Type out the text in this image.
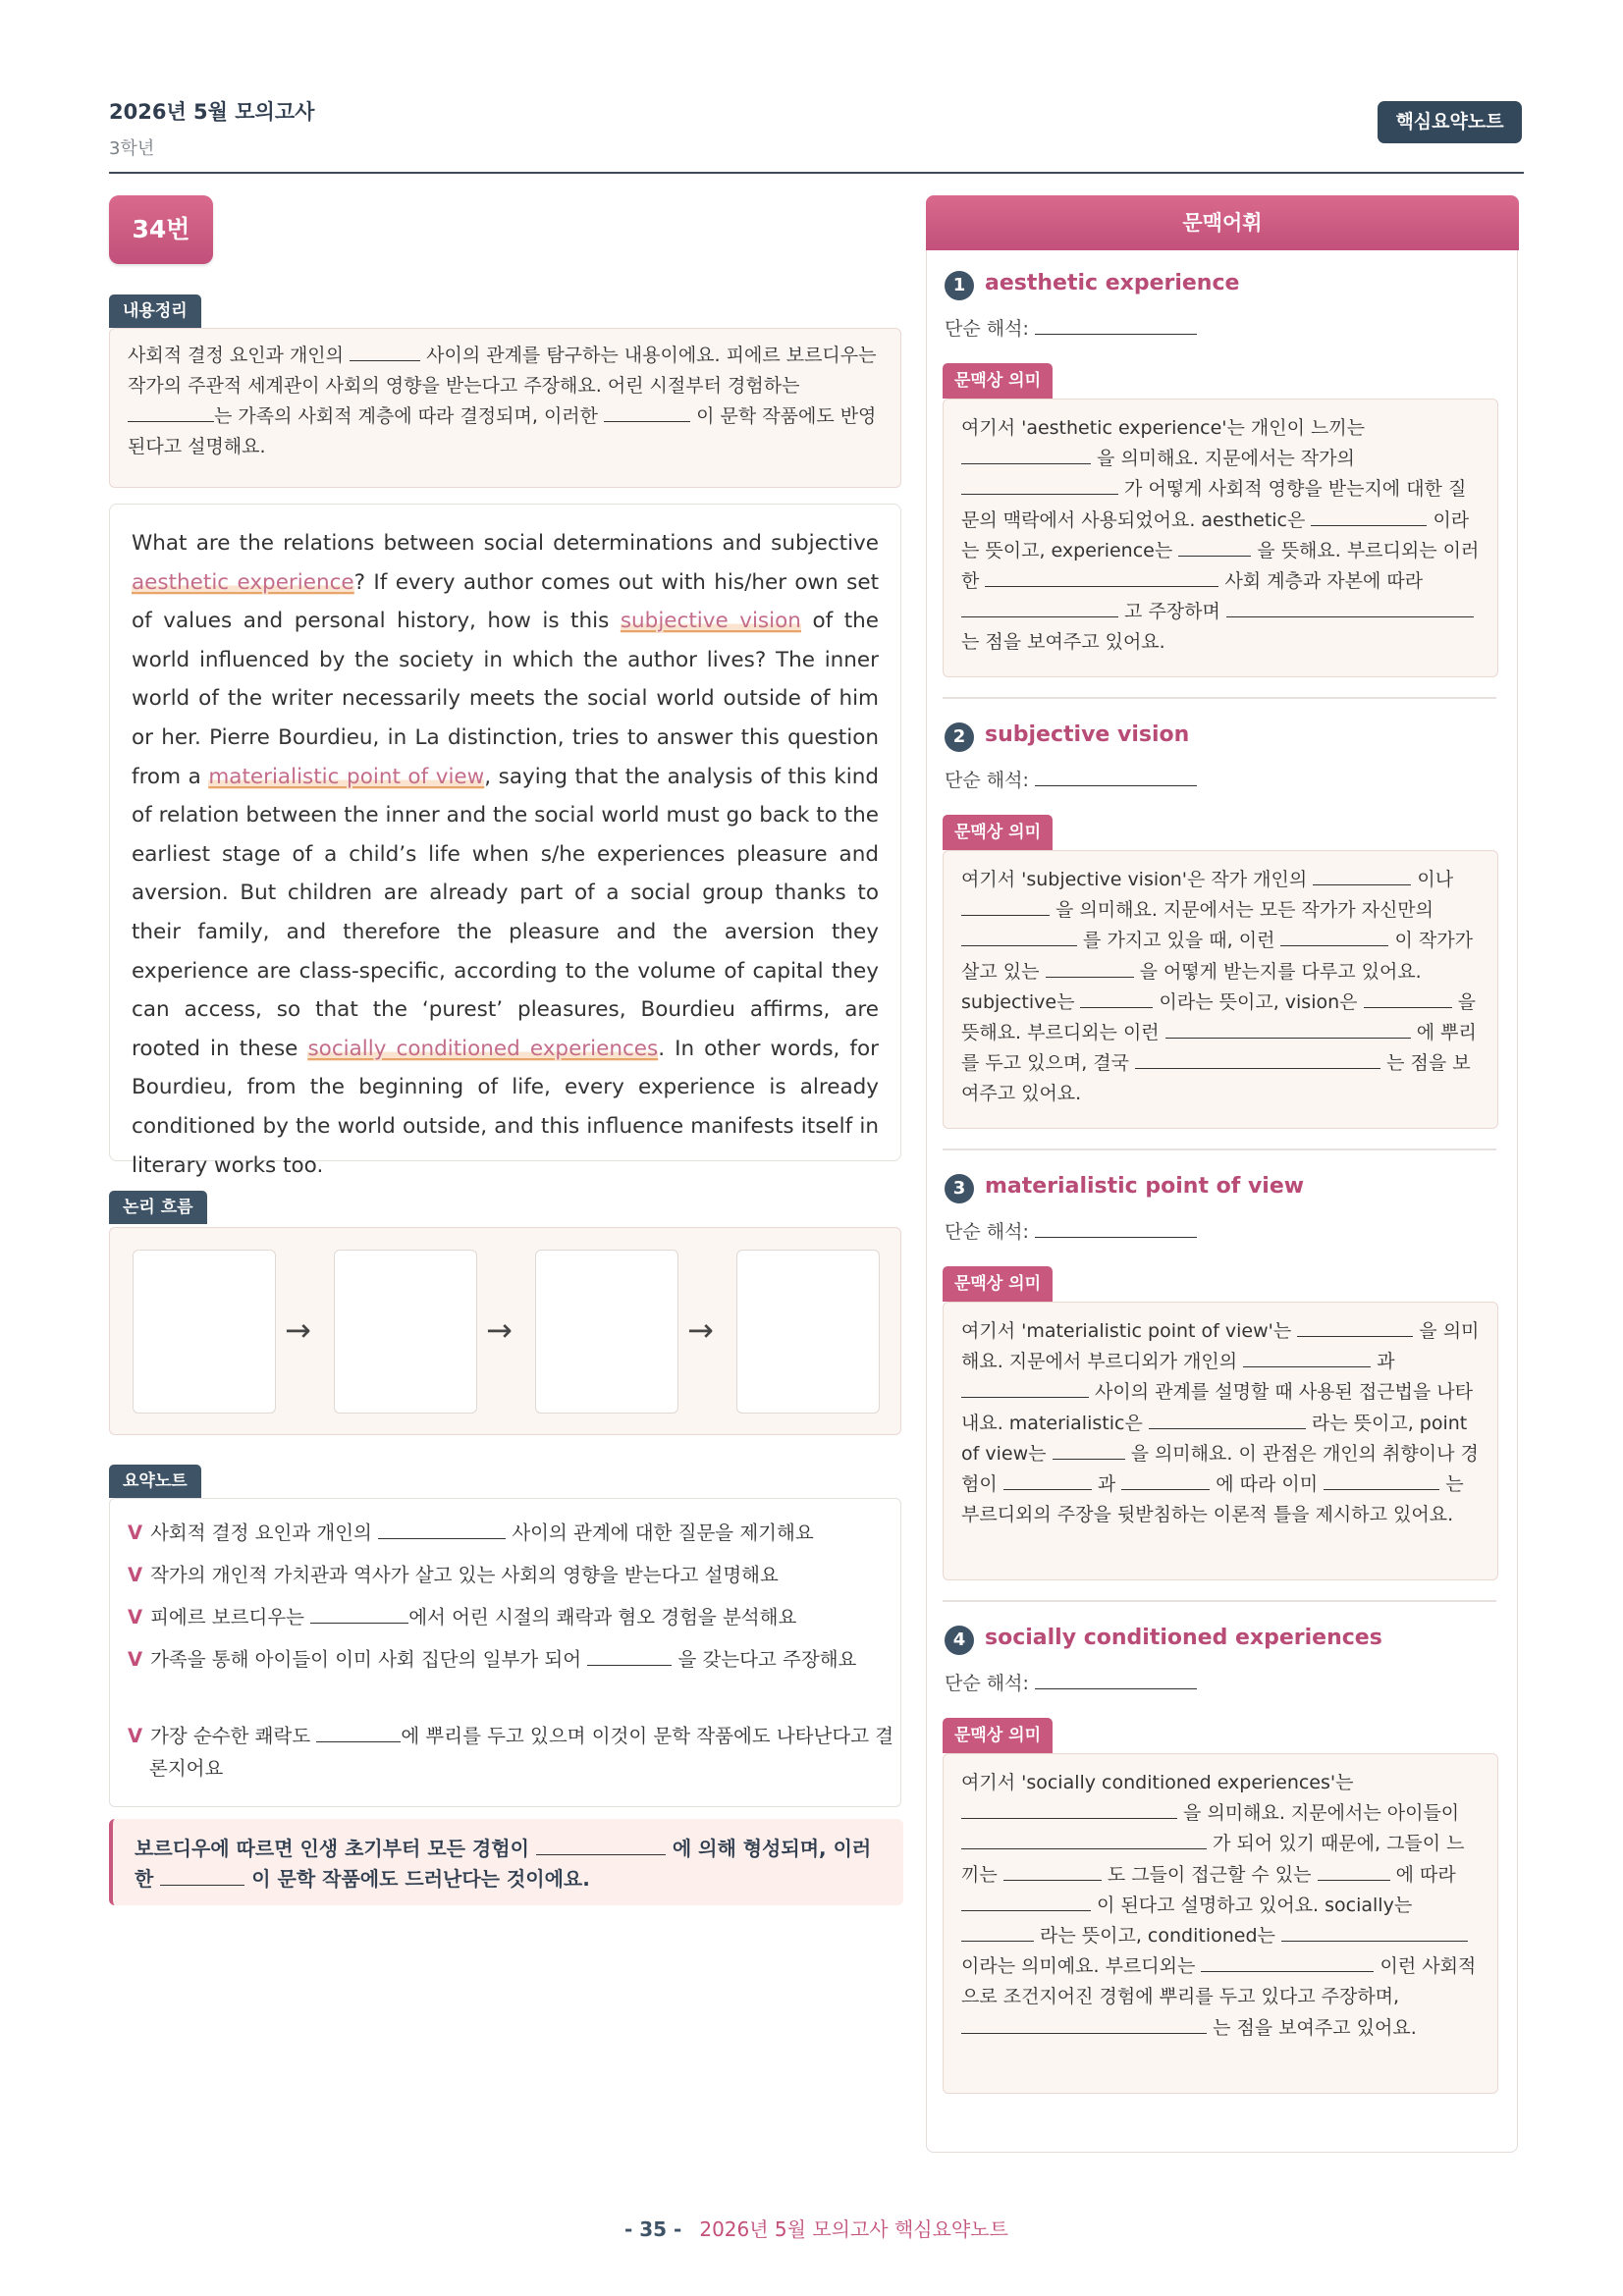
2026년 5월 모의고사
3학년
핵심요약노트
34번
내용정리
사회적 결정 요인과 개인의	사이의 관계를 탐구하는 내용이에요. 피에르 보르디우는 작가의 주관적 세계관이 사회의 영향을 받는다고 주장해요. 어린 시절부터 경험하는 는 가족의 사회적 계층에 따라 결정되며, 이러한	이 문학 작품에도 반영된다고 설명해요.

What are the relations between social determinations and subjective aesthetic experience? If every author comes out with his/her own set of values and personal history, how is this subjective vision of the world influenced by the society in which the author lives? The inner world of the writer necessarily meets the social world outside of him or her. Pierre Bourdieu, in La distinction, tries to answer this question from a materialistic point of view, saying that the analysis of this kind of relation between the inner and the social world must go back to the earliest stage of a child’s life when s/he experiences pleasure and aversion. But children are already part of a social group thanks to their family, and therefore the pleasure and the aversion they experience are class-specific, according to the volume of capital they can access, so that the ‘purest’ pleasures, Bourdieu affirms, are rooted in these socially conditioned experiences. In other words, for Bourdieu, from the beginning of life, every experience is already conditioned by the world outside, and this influence manifests itself in literary works too.

논리 흐름
→	→	→
요약노트
V 사회적 결정 요인과 개인의	사이의 관계에 대한 질문을 제기해요
V 작가의 개인적 가치관과 역사가 살고 있는 사회의 영향을 받는다고 설명해요
V 피에르 보르디우는	에서 어린 시절의 쾌락과 혐오 경험을 분석해요
V 가족을 통해 아이들이 이미 사회 집단의 일부가 되어	을 갖는다고 주장해요
V 가장 순수한 쾌락도	에 뿌리를 두고 있으며 이것이 문학 작품에도 나타난다고 결론지어요
보르디우에 따르면 인생 초기부터 모든 경험이	에 의해 형성되며, 이러한	이 문학 작품에도 드러난다는 것이에요.
문맥어휘
1 aesthetic experience
단순 해석:
문맥상 의미
여기서 'aesthetic experience'는 개인이 느끼는  을 의미해요. 지문에서는 작가의  가 어떻게 사회적 영향을 받는지에 대한 질문의 맥락에서 사용되었어요. aesthetic은	이라는 뜻이고, experience는	을 뜻해요. 부르디외는 이러한	사회 계층과 자본에 따라  고 주장하며  는 점을 보여주고 있어요.
2 subjective vision
단순 해석:
문맥상 의미
여기서 'subjective vision'은 작가 개인의	이나  을 의미해요. 지문에서는 모든 작가가 자신만의  를 가지고 있을 때, 이런	이 작가가 살고 있는	을 어떻게 받는지를 다루고 있어요. subjective는	이라는 뜻이고, vision은	을 뜻해요. 부르디외는 이런	에 뿌리를 두고 있으며, 결국	는 점을 보여주고 있어요.
3 materialistic point of view
단순 해석:
문맥상 의미
여기서 'materialistic point of view'는	을 의미해요. 지문에서 부르디외가 개인의	과  사이의 관계를 설명할 때 사용된 접근법을 나타내요. materialistic은	라는 뜻이고, point of view는	을 의미해요. 이 관점은 개인의 취향이나 경험이	과	에 따라 이미	는 부르디외의 주장을 뒷받침하는 이론적 틀을 제시하고 있어요.
4 socially conditioned experiences
단순 해석:
문맥상 의미
여기서 'socially conditioned experiences'는  을 의미해요. 지문에서는 아이들이  가 되어 있기 때문에, 그들이 느끼는	도 그들이 접근할 수 있는	에 따라  이 된다고 설명하고 있어요. socially는  라는 뜻이고, conditioned는  이라는 의미예요. 부르디외는	이런 사회적으로 조건지어진 경험에 뿌리를 두고 있다고 주장하며,  는 점을 보여주고 있어요.
- 35 - 2026년 5월 모의고사 핵심요약노트
